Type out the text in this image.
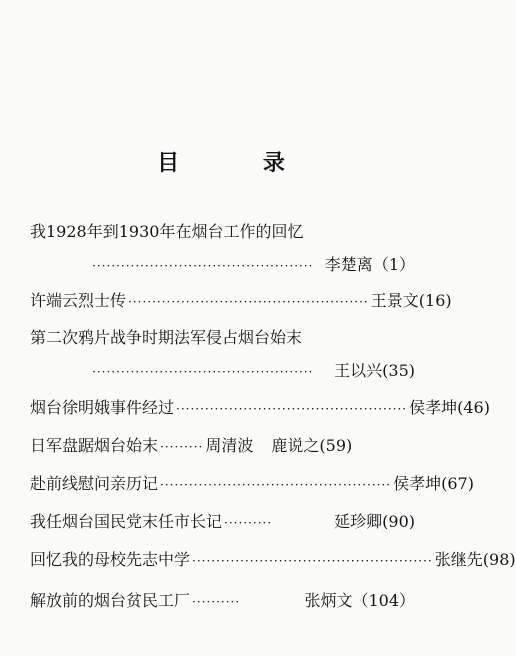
目 录
我1928年到1930年在烟台工作的回忆
·············································· 李楚离 （1）
许端云烈士传 ·················································· 王景文 (16)
第二次鸦片战争时期法军侵占烟台始末
··············································	王以兴 (35)
烟台徐明娥事件经过 ················································ 侯孝坤 (46)
日军盘踞烟台始末 ········· 周清波 鹿说之 (59)
赴前线慰问亲历记 ················································ 侯孝坤 (67)
我任烟台国民党末任市长记 ··········	延珍卿 (90)
回忆我的母校先志中学 ·················································· 张继先 (98)
解放前的烟台贫民工厂 ··········	张炳文 （104）
